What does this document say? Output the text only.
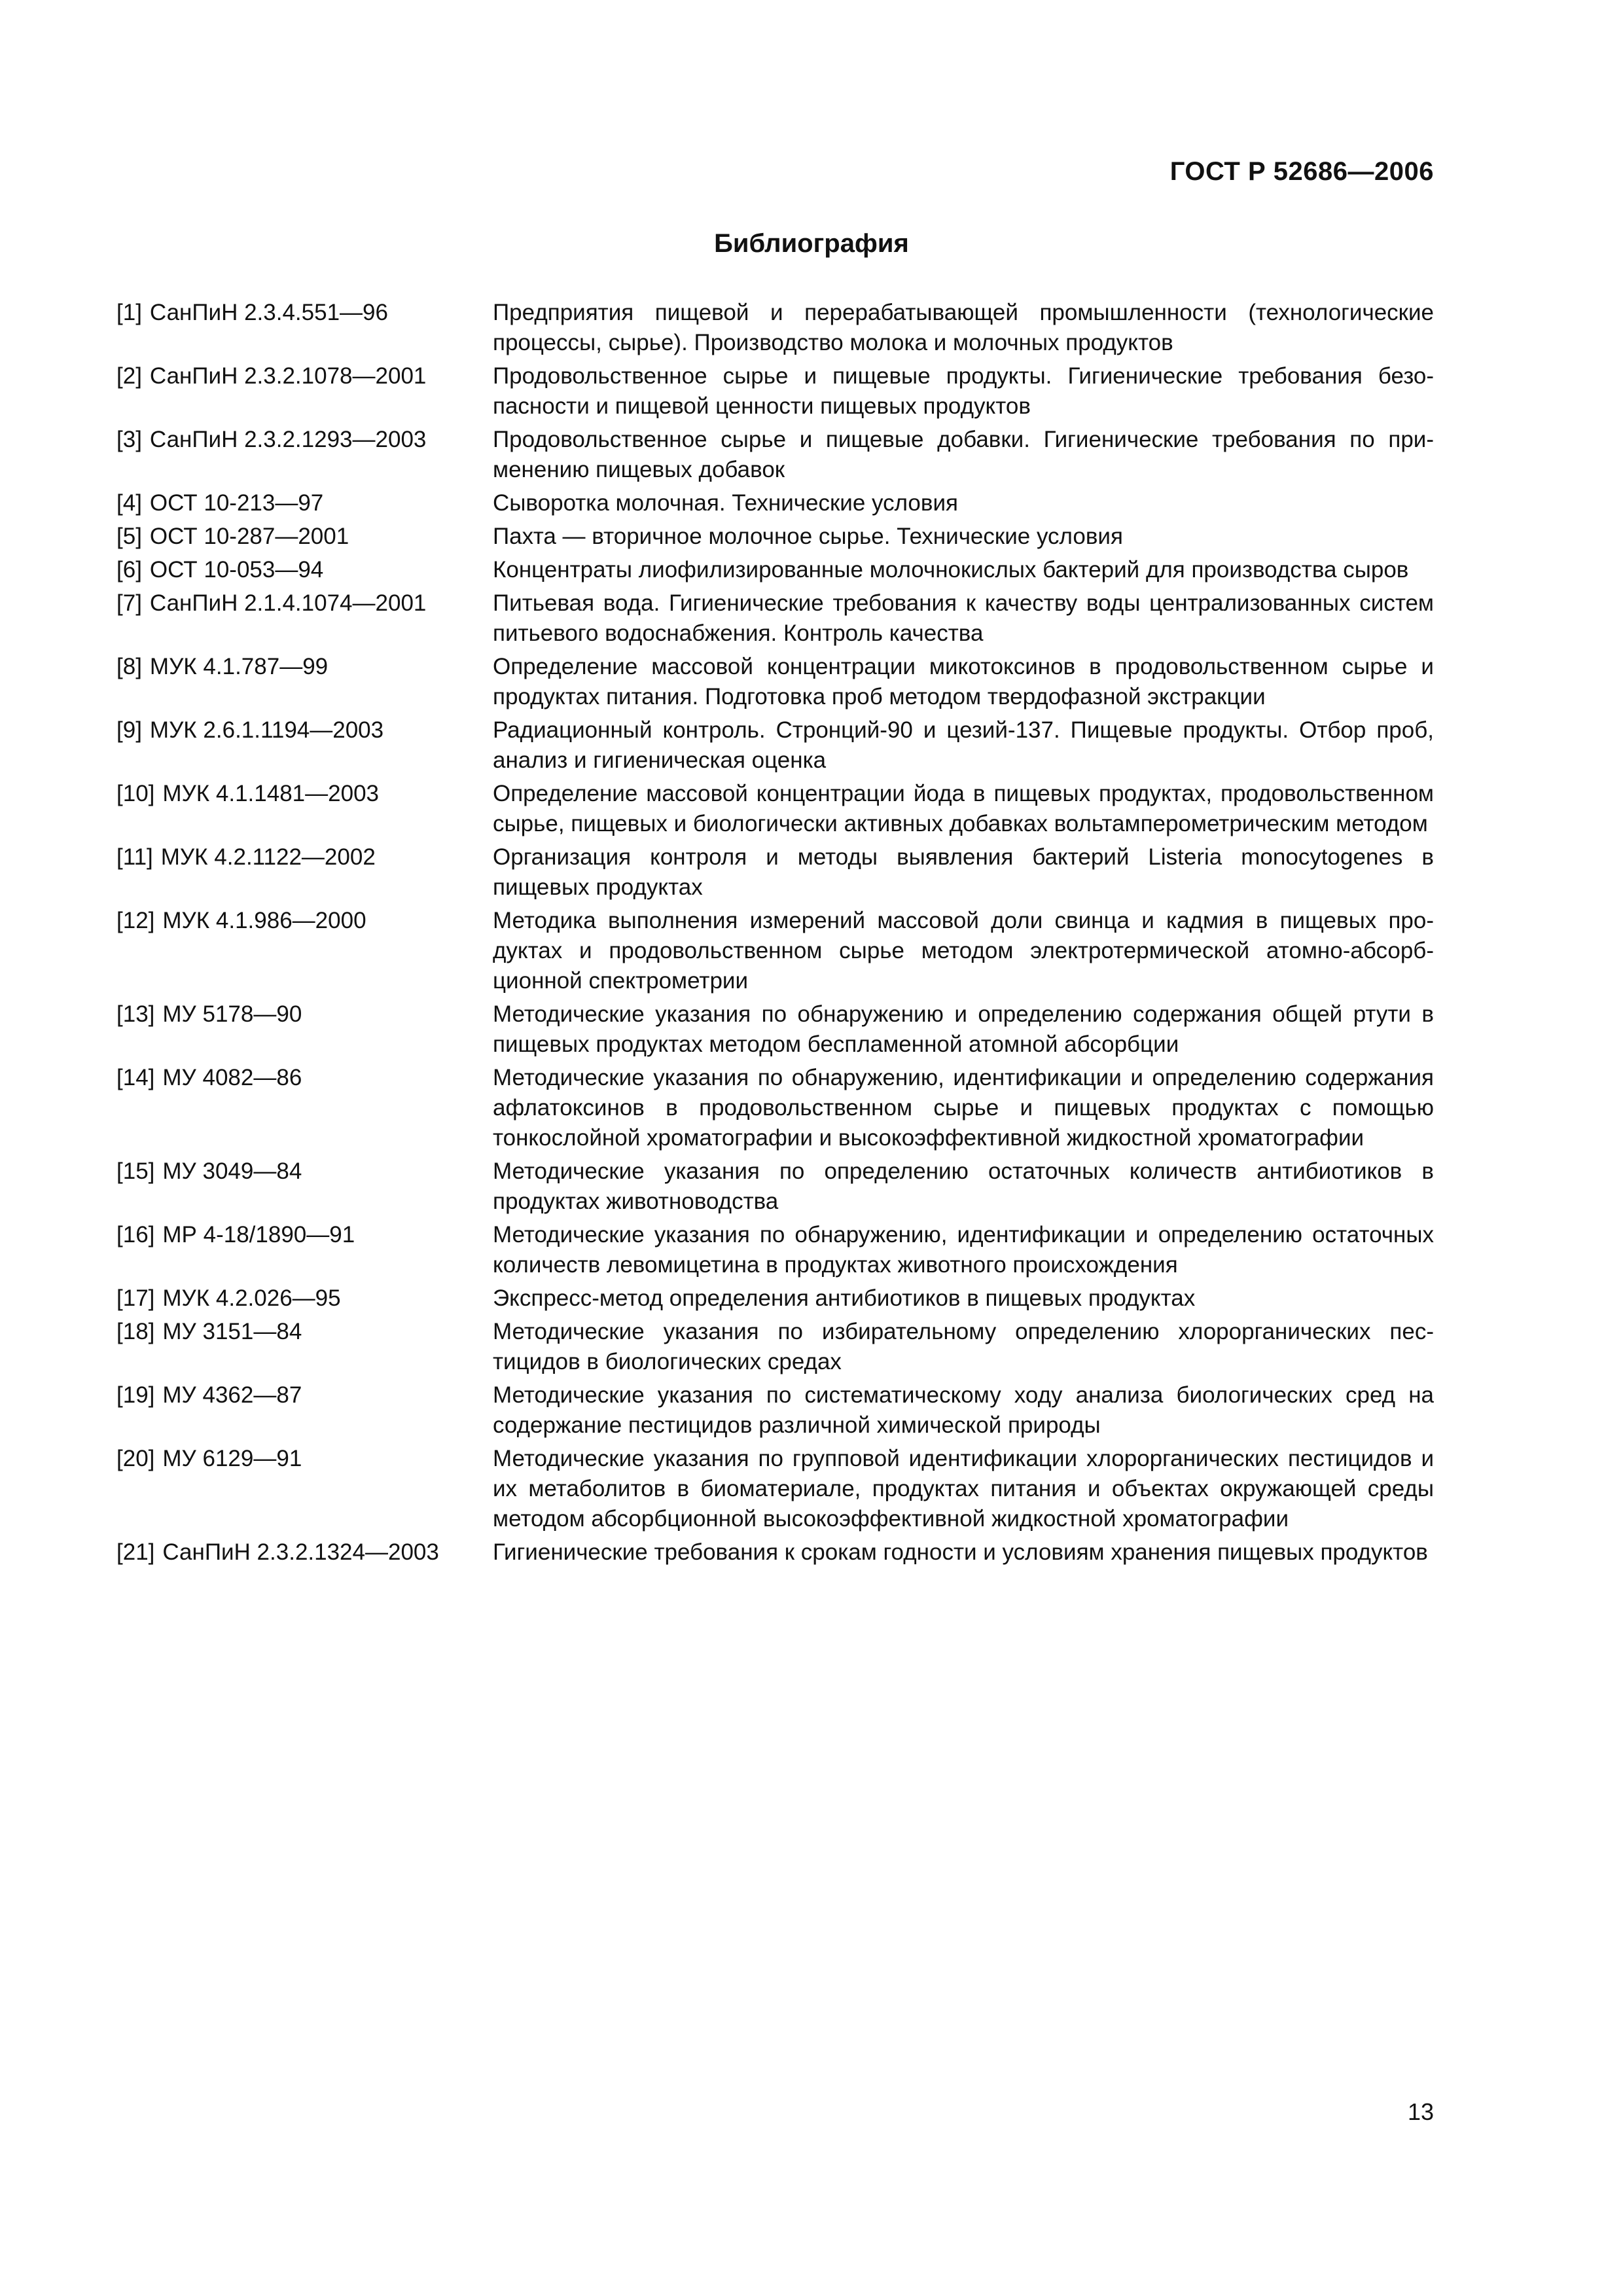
ГОСТ Р 52686—2006
Библиография
[1] СанПиН 2.3.4.551—96	Предприятия пищевой и перерабатывающей промышленности (технологические процессы, сырье). Производство молока и молочных продуктов
[2] СанПиН 2.3.2.1078—2001	Продовольственное сырье и пищевые продукты. Гигиенические требования безопасности и пищевой ценности пищевых продуктов
[3] СанПиН 2.3.2.1293—2003	Продовольственное сырье и пищевые добавки. Гигиенические требования по применению пищевых добавок
[4] ОСТ 10-213—97	Сыворотка молочная. Технические условия
[5] ОСТ 10-287—2001	Пахта — вторичное молочное сырье. Технические условия
[6] ОСТ 10-053—94	Концентраты лиофилизированные молочнокислых бактерий для производства сыров
[7] СанПиН 2.1.4.1074—2001	Питьевая вода. Гигиенические требования к качеству воды централизованных систем питьевого водоснабжения. Контроль качества
[8] МУК 4.1.787—99	Определение массовой концентрации микотоксинов в продовольственном сырье и продуктах питания. Подготовка проб методом твердофазной экстракции
[9] МУК 2.6.1.1194—2003	Радиационный контроль. Стронций-90 и цезий-137. Пищевые продукты. Отбор проб, анализ и гигиеническая оценка
[10] МУК 4.1.1481—2003	Определение массовой концентрации йода в пищевых продуктах, продовольственном сырье, пищевых и биологически активных добавках вольтамперометрическим методом
[11] МУК 4.2.1122—2002	Организация контроля и методы выявления бактерий Listeria monocytogenes в пищевых продуктах
[12] МУК 4.1.986—2000	Методика выполнения измерений массовой доли свинца и кадмия в пищевых продуктах и продовольственном сырье методом электротермической атомно-абсорбционной спектрометрии
[13] МУ 5178—90	Методические указания по обнаружению и определению содержания общей ртути в пищевых продуктах методом беспламенной атомной абсорбции
[14] МУ 4082—86	Методические указания по обнаружению, идентификации и определению содержания афлатоксинов в продовольственном сырье и пищевых продуктах с помощью тонкослойной хроматографии и высокоэффективной жидкостной хроматографии
[15] МУ 3049—84	Методические указания по определению остаточных количеств антибиотиков в продуктах животноводства
[16] МР 4-18/1890—91	Методические указания по обнаружению, идентификации и определению остаточных количеств левомицетина в продуктах животного происхождения
[17] МУК 4.2.026—95	Экспресс-метод определения антибиотиков в пищевых продуктах
[18] МУ 3151—84	Методические указания по избирательному определению хлорорганических пестицидов в биологических средах
[19] МУ 4362—87	Методические указания по систематическому ходу анализа биологических сред на содержание пестицидов различной химической природы
[20] МУ 6129—91	Методические указания по групповой идентификации хлорорганических пестицидов и их метаболитов в биоматериале, продуктах питания и объектах окружающей среды методом абсорбционной высокоэффективной жидкостной хроматографии
[21] СанПиН 2.3.2.1324—2003	Гигиенические требования к срокам годности и условиям хранения пищевых продуктов
13
